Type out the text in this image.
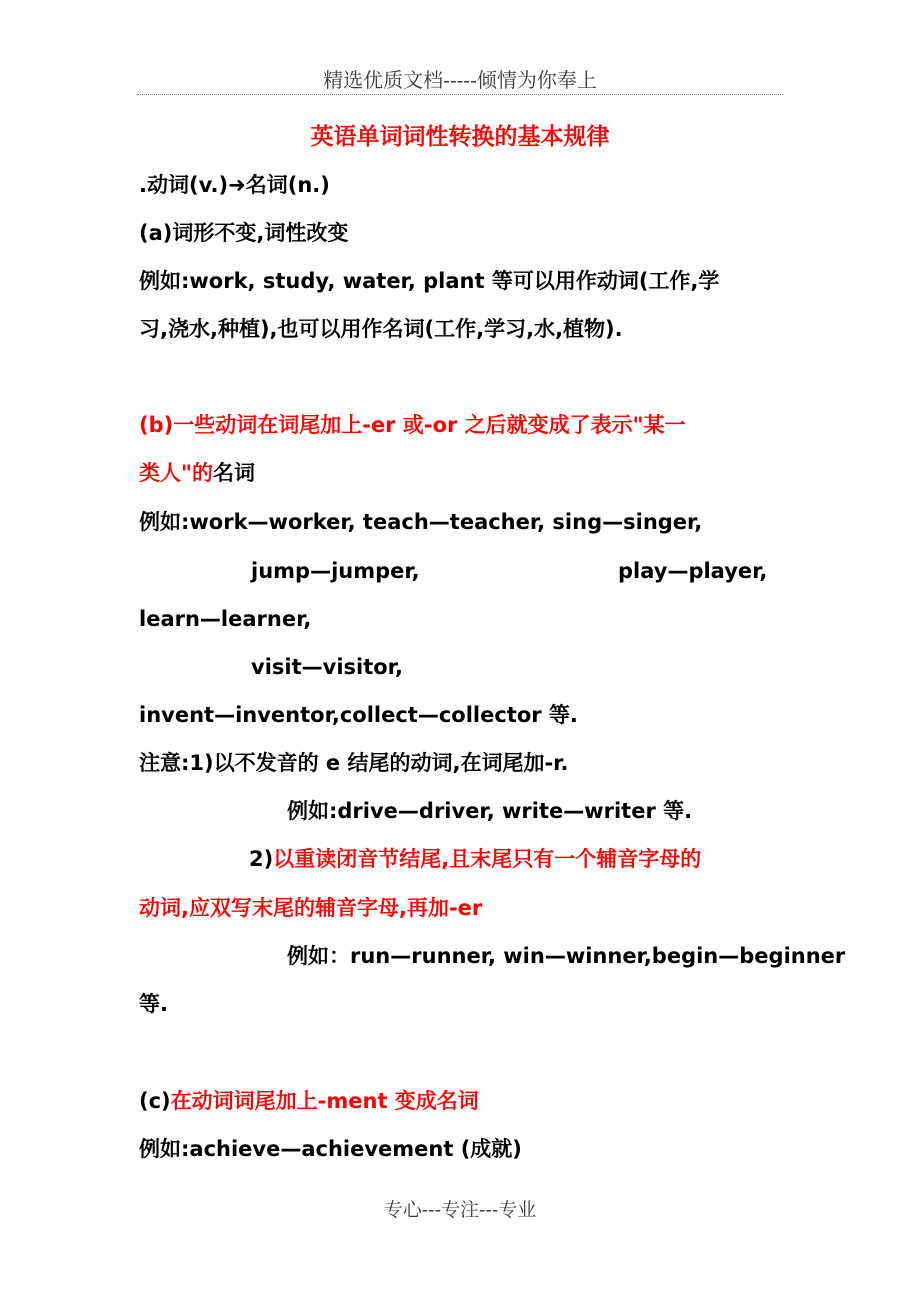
精选优质文档-----倾情为你奉上
英语单词词性转换的基本规律
.动词(v.)➜名词(n.)
(a)词形不变,词性改变
例如:work, study, water, plant 等可以用作动词(工作,学
习,浇水,种植),也可以用作名词(工作,学习,水,植物).
(b)一些动词在词尾加上-er 或-or 之后就变成了表示"某一
类人"的名词
例如:work—worker, teach—teacher, sing—singer,
jump—jumper,	play—player,
learn—learner,
visit—visitor,
invent—inventor,collect—collector 等.
注意:1)以不发音的 e 结尾的动词,在词尾加-r.
例如:drive—driver, write—writer 等.
2)以重读闭音节结尾,且末尾只有一个辅音字母的
动词,应双写末尾的辅音字母,再加-er
例如：run—runner, win—winner,begin—beginner
等.
(c)在动词词尾加上-ment 变成名词
例如:achieve—achievement (成就)
专心---专注---专业
